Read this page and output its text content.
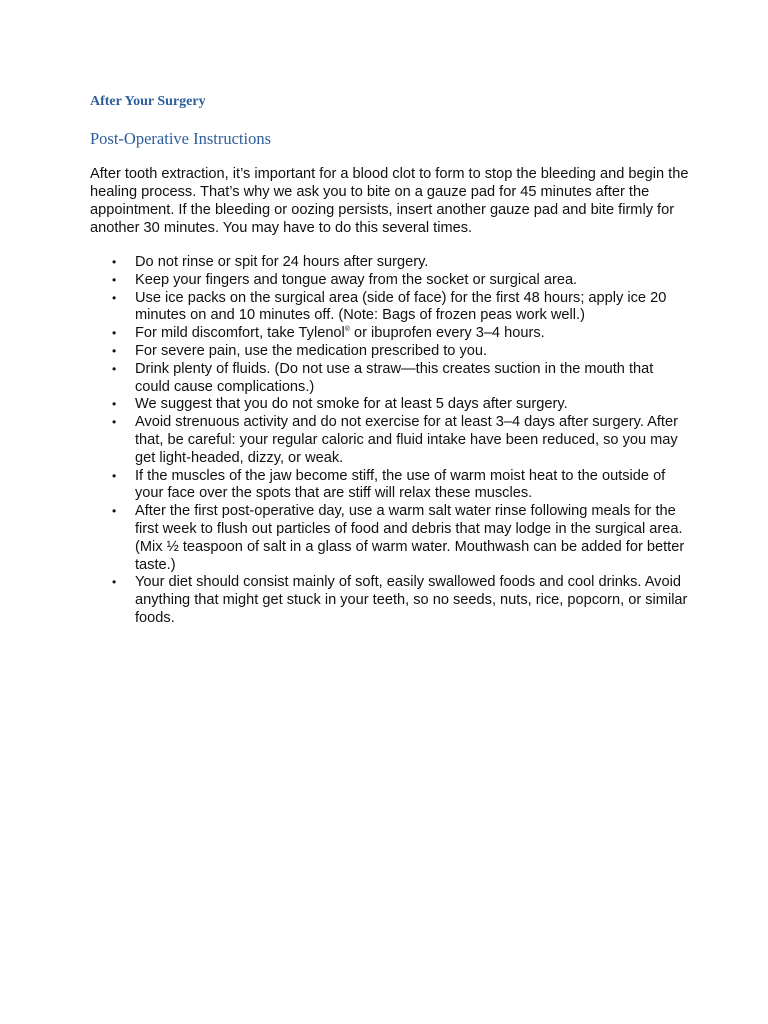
After Your Surgery
Post-Operative Instructions

After tooth extraction, it’s important for a blood clot to form to stop the bleeding and begin the healing process. That’s why we ask you to bite on a gauze pad for 45 minutes after the appointment. If the bleeding or oozing persists, insert another gauze pad and bite firmly for another 30 minutes. You may have to do this several times.

• Do not rinse or spit for 24 hours after surgery.
• Keep your fingers and tongue away from the socket or surgical area.
• Use ice packs on the surgical area (side of face) for the first 48 hours; apply ice 20 minutes on and 10 minutes off. (Note: Bags of frozen peas work well.)
• For mild discomfort, take Tylenol® or ibuprofen every 3–4 hours.
• For severe pain, use the medication prescribed to you.
• Drink plenty of fluids. (Do not use a straw—this creates suction in the mouth that could cause complications.)
• We suggest that you do not smoke for at least 5 days after surgery.
• Avoid strenuous activity and do not exercise for at least 3–4 days after surgery. After that, be careful: your regular caloric and fluid intake have been reduced, so you may get light-headed, dizzy, or weak.
• If the muscles of the jaw become stiff, the use of warm moist heat to the outside of your face over the spots that are stiff will relax these muscles.
• After the first post-operative day, use a warm salt water rinse following meals for the first week to flush out particles of food and debris that may lodge in the surgical area. (Mix ½ teaspoon of salt in a glass of warm water. Mouthwash can be added for better taste.)
• Your diet should consist mainly of soft, easily swallowed foods and cool drinks. Avoid anything that might get stuck in your teeth, so no seeds, nuts, rice, popcorn, or similar foods.
